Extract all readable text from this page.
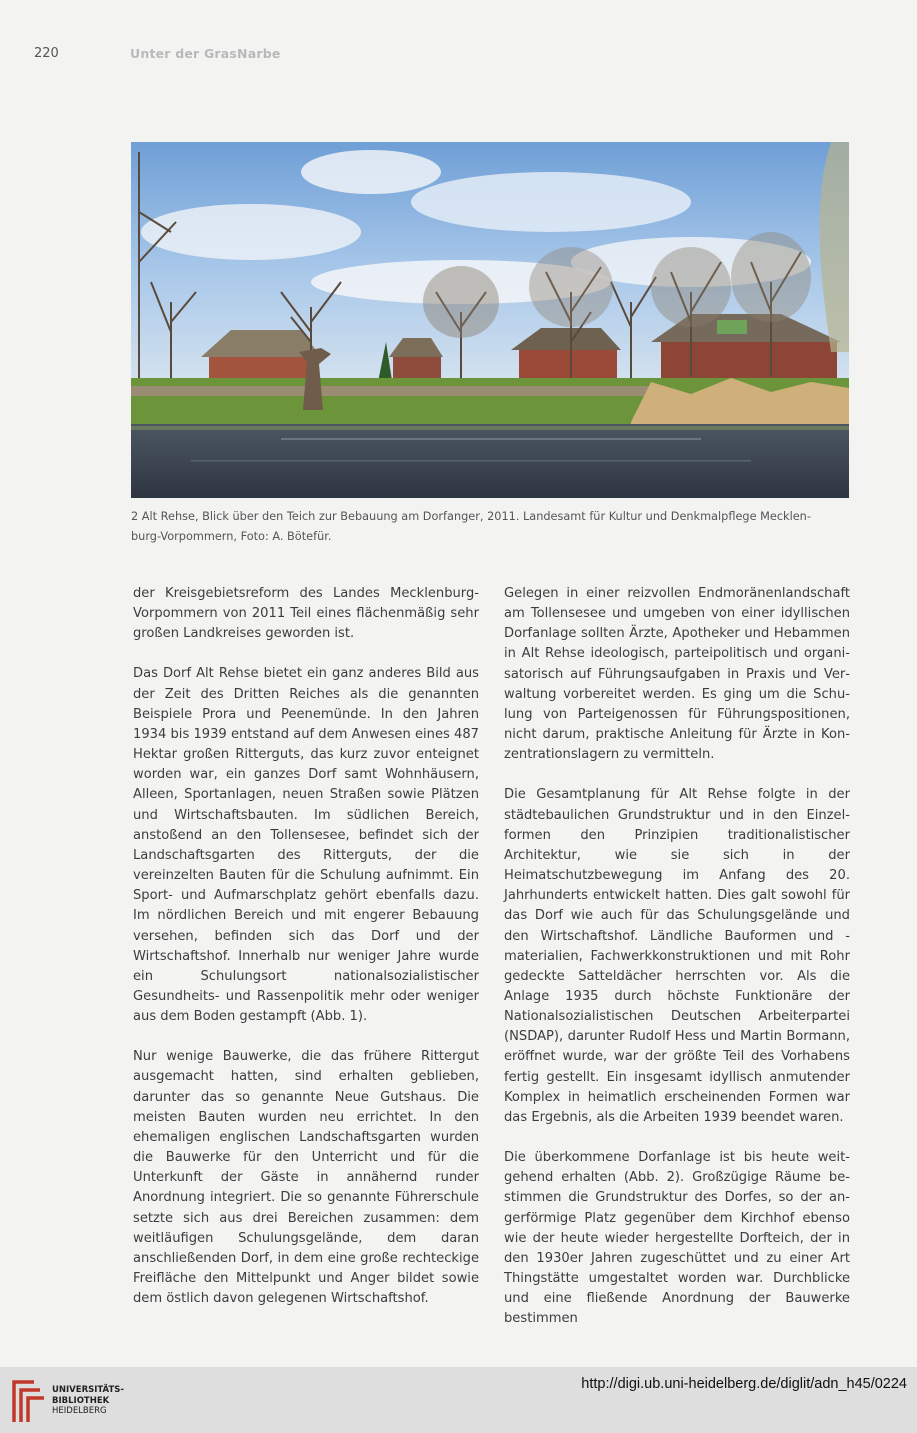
220	Unter der GrasNarbe
2 Alt Rehse, Blick über den Teich zur Bebauung am Dorfanger, 2011. Landesamt für Kultur und Denkmalpflege Mecklen-
burg-Vorpommern, Foto: A. Bötefür.

der Kreisgebietsreform des Landes Mecklenburg-Vorpommern von 2011 Teil eines flächenmäßig sehr großen Landkreises geworden ist.

Das Dorf Alt Rehse bietet ein ganz anderes Bild aus der Zeit des Dritten Reiches als die genannten Beispiele Prora und Peenemünde. In den Jahren 1934 bis 1939 entstand auf dem Anwesen eines 487 Hektar großen Ritterguts, das kurz zuvor enteignet worden war, ein ganzes Dorf samt Wohnhäusern, Alleen, Sportanlagen, neuen Straßen sowie Plätzen und Wirtschaftsbauten. Im südlichen Bereich, anstoßend an den Tollensesee, befindet sich der Landschaftsgarten des Ritterguts, der die vereinzelten Bauten für die Schulung aufnimmt. Ein Sport- und Aufmarschplatz gehört ebenfalls dazu. Im nördlichen Bereich und mit engerer Bebauung versehen, befinden sich das Dorf und der Wirtschaftshof. Innerhalb nur weniger Jahre wurde ein Schulungsort nationalsozialistischer Gesundheits- und Rassenpolitik mehr oder weniger aus dem Boden gestampft (Abb. 1).

Nur wenige Bauwerke, die das frühere Rittergut ausgemacht hatten, sind erhalten geblieben, darunter das so genannte Neue Gutshaus. Die meisten Bauten wurden neu errichtet. In den ehemaligen englischen Landschaftsgarten wurden die Bauwerke für den Unterricht und für die Unterkunft der Gäste in annähernd runder Anordnung integriert. Die so genannte Führerschule setzte sich aus drei Bereichen zusammen: dem weitläufigen Schulungsgelände, dem daran anschließenden Dorf, in dem eine große rechteckige Freifläche den Mittelpunkt und Anger bildet sowie dem östlich davon gelegenen Wirtschaftshof.

Gelegen in einer reizvollen Endmoränenlandschaft am Tollensesee und umgeben von einer idyllischen Dorfanlage sollten Ärzte, Apotheker und Hebammen in Alt Rehse ideologisch, parteipolitisch und organisatorisch auf Führungsaufgaben in Praxis und Verwaltung vorbereitet werden. Es ging um die Schulung von Parteigenossen für Führungspositionen, nicht darum, praktische Anleitung für Ärzte in Konzentrationslagern zu vermitteln.

Die Gesamtplanung für Alt Rehse folgte in der städtebaulichen Grundstruktur und in den Einzelformen den Prinzipien traditionalistischer Architektur, wie sie sich in der Heimatschutzbewegung im Anfang des 20. Jahrhunderts entwickelt hatten. Dies galt sowohl für das Dorf wie auch für das Schulungsgelände und den Wirtschaftshof. Ländliche Bauformen und -materialien, Fachwerkkonstruktionen und mit Rohr gedeckte Satteldächer herrschten vor. Als die Anlage 1935 durch höchste Funktionäre der Nationalsozialistischen Deutschen Arbeiterpartei (NSDAP), darunter Rudolf Hess und Martin Bormann, eröffnet wurde, war der größte Teil des Vorhabens fertig gestellt. Ein insgesamt idyllisch anmutender Komplex in heimatlich erscheinenden Formen war das Ergebnis, als die Arbeiten 1939 beendet waren.

Die überkommene Dorfanlage ist bis heute weitgehend erhalten (Abb. 2). Großzügige Räume bestimmen die Grundstruktur des Dorfes, so der angerförmige Platz gegenüber dem Kirchhof ebenso wie der heute wieder hergestellte Dorfteich, der in den 1930er Jahren zugeschüttet und zu einer Art Thingstätte umgestaltet worden war. Durchblicke und eine fließende Anordnung der Bauwerke bestimmen

UNIVERSITÄTS-
BIBLIOTHEK
HEIDELBERG
http://digi.ub.uni-heidelberg.de/diglit/adn_h45/0224
